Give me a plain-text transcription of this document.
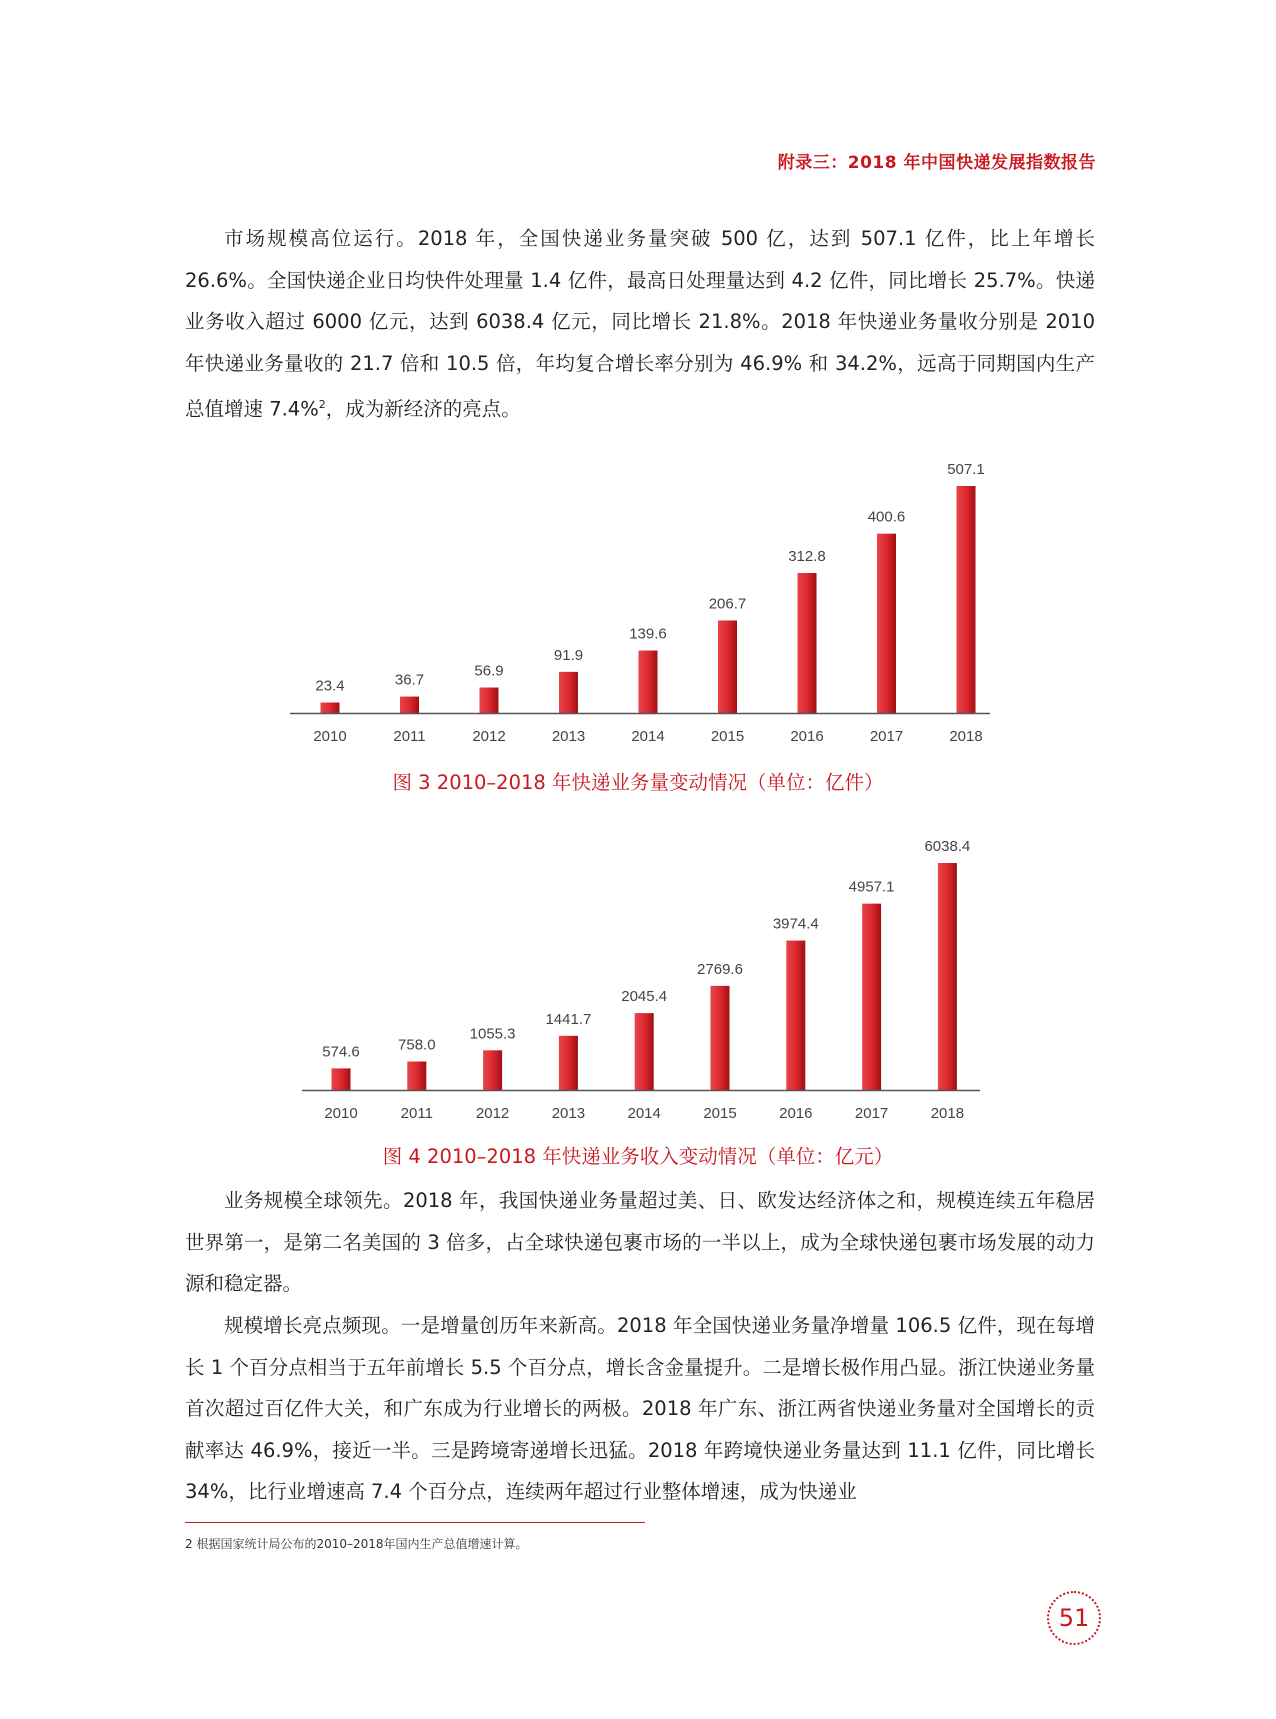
附录三：2018 年中国快递发展指数报告

市场规模高位运行。2018 年，全国快递业务量突破 500 亿，达到 507.1 亿件，比上年增长 26.6%。全国快递企业日均快件处理量 1.4 亿件，最高日处理量达到 4.2 亿件，同比增长 25.7%。快递业务收入超过 6000 亿元，达到 6038.4 亿元，同比增长 21.8%。2018 年快递业务量收分别是 2010 年快递业务量收的 21.7 倍和 10.5 倍，年均复合增长率分别为 46.9% 和 34.2%，远高于同期国内生产总值增速 7.4%$^2$，成为新经济的亮点。

23.4
2010
36.7
2011
56.9
2012
91.9
2013
139.6
2014
206.7
2015
312.8
2016
400.6
2017
507.1
2018
图 3 2010–2018 年快递业务量变动情况（单位：亿件）
574.6
2010
758.0
2011
1055.3
2012
1441.7
2013
2045.4
2014
2769.6
2015
3974.4
2016
4957.1
2017
6038.4
2018
图 4 2010–2018 年快递业务收入变动情况（单位：亿元）

业务规模全球领先。2018 年，我国快递业务量超过美、日、欧发达经济体之和，规模连续五年稳居世界第一，是第二名美国的 3 倍多，占全球快递包裹市场的一半以上，成为全球快递包裹市场发展的动力源和稳定器。

规模增长亮点频现。一是增量创历年来新高。2018 年全国快递业务量净增量 106.5 亿件，现在每增长 1 个百分点相当于五年前增长 5.5 个百分点，增长含金量提升。二是增长极作用凸显。浙江快递业务量首次超过百亿件大关，和广东成为行业增长的两极。2018 年广东、浙江两省快递业务量对全国增长的贡献率达 46.9%，接近一半。三是跨境寄递增长迅猛。2018 年跨境快递业务量达到 11.1 亿件，同比增长 34%，比行业增速高 7.4 个百分点，连续两年超过行业整体增速，成为快递业

2 根据国家统计局公布的2010–2018年国内生产总值增速计算。
51
